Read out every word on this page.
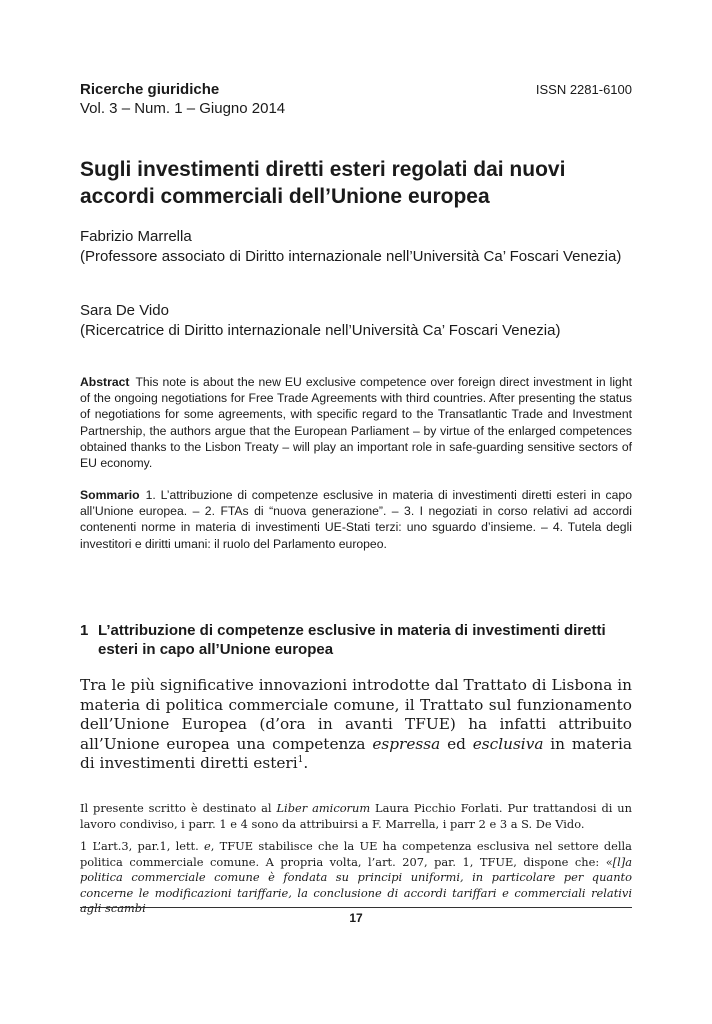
Ricerche giuridiche
Vol. 3 – Num. 1 – Giugno 2014
ISSN 2281-6100
Sugli investimenti diretti esteri regolati dai nuovi accordi commerciali dell’Unione europea
Fabrizio Marrella
(Professore associato di Diritto internazionale nell’Università Ca’ Foscari Venezia)
Sara De Vido
(Ricercatrice di Diritto internazionale nell’Università Ca’ Foscari Venezia)
Abstract This note is about the new EU exclusive competence over foreign direct investment in light of the ongoing negotiations for Free Trade Agreements with third countries. After presenting the status of negotiations for some agreements, with specific regard to the Transatlantic Trade and Investment Partnership, the authors argue that the European Parliament – by virtue of the enlarged competences obtained thanks to the Lisbon Treaty – will play an important role in safe-guarding sensitive sectors of EU economy.
Sommario 1. L’attribuzione di competenze esclusive in materia di investimenti diretti esteri in capo all’Unione europea. – 2. FTAs di “nuova generazione”. – 3. I negoziati in corso relativi ad accordi contenenti norme in materia di investimenti UE-Stati terzi: uno sguardo d’insieme. – 4. Tutela degli investitori e diritti umani: il ruolo del Parlamento europeo.
1 L’attribuzione di competenze esclusive in materia di investimenti diretti esteri in capo all’Unione europea
Tra le più significative innovazioni introdotte dal Trattato di Lisbona in materia di politica commerciale comune, il Trattato sul funzionamento dell’Unione Europea (d’ora in avanti TFUE) ha infatti attribuito all’Unione europea una competenza espressa ed esclusiva in materia di investimenti diretti esteri$^1$.
Il presente scritto è destinato al Liber amicorum Laura Picchio Forlati. Pur trattandosi di un lavoro condiviso, i parr. 1 e 4 sono da attribuirsi a F. Marrella, i parr 2 e 3 a S. De Vido.
1 L’art.3, par.1, lett. e, TFUE stabilisce che la UE ha competenza esclusiva nel settore della politica commerciale comune. A propria volta, l’art. 207, par. 1, TFUE, dispone che: «[l]a politica commerciale comune è fondata su principi uniformi, in particolare per quanto concerne le modificazioni tariffarie, la conclusione di accordi tariffari e commerciali relativi agli scambi
17
